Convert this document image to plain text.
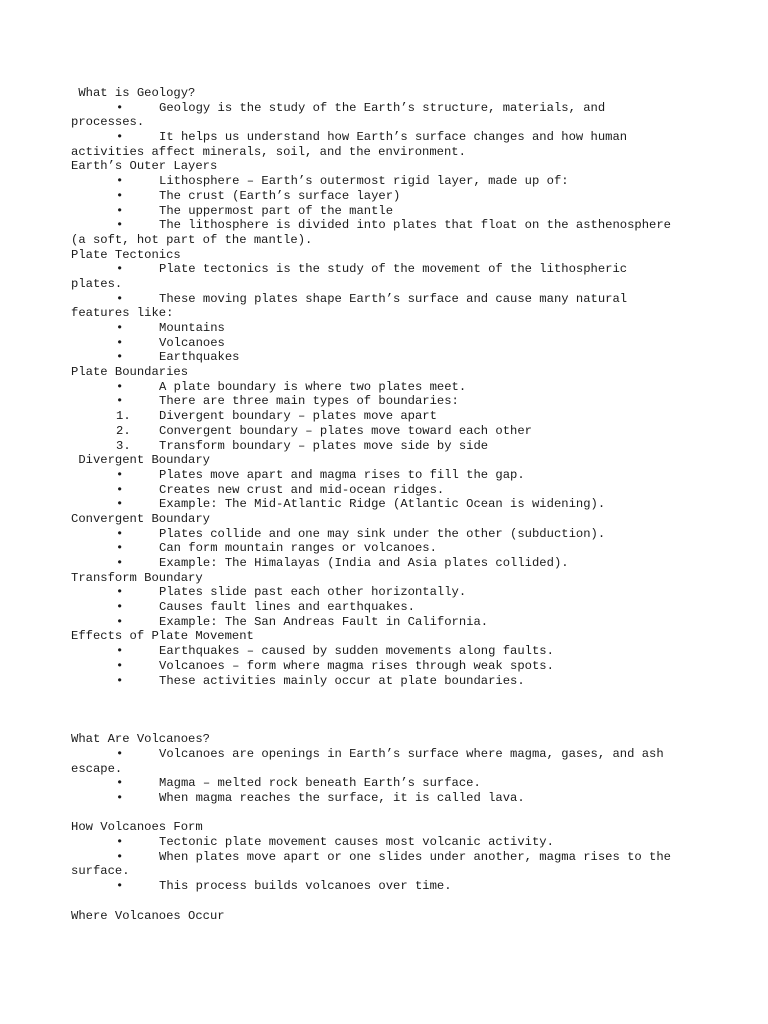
What is Geology?
•	Geology is the study of the Earth’s structure, materials, and
processes.
•	It helps us understand how Earth’s surface changes and how human
activities affect minerals, soil, and the environment.
Earth’s Outer Layers
•	Lithosphere – Earth’s outermost rigid layer, made up of:
•	The crust (Earth’s surface layer)
•	The uppermost part of the mantle
•	The lithosphere is divided into plates that float on the asthenosphere
(a soft, hot part of the mantle).
Plate Tectonics
•	Plate tectonics is the study of the movement of the lithospheric
plates.
•	These moving plates shape Earth’s surface and cause many natural
features like:
•	Mountains
•	Volcanoes
•	Earthquakes
Plate Boundaries
•	A plate boundary is where two plates meet.
•	There are three main types of boundaries:
1. Divergent boundary – plates move apart
2. Convergent boundary – plates move toward each other
3. Transform boundary – plates move side by side
Divergent Boundary
•	Plates move apart and magma rises to fill the gap.
•	Creates new crust and mid-ocean ridges.
•	Example: The Mid-Atlantic Ridge (Atlantic Ocean is widening).
Convergent Boundary
•	Plates collide and one may sink under the other (subduction).
•	Can form mountain ranges or volcanoes.
•	Example: The Himalayas (India and Asia plates collided).
Transform Boundary
•	Plates slide past each other horizontally.
•	Causes fault lines and earthquakes.
•	Example: The San Andreas Fault in California.
Effects of Plate Movement
•	Earthquakes – caused by sudden movements along faults.
•	Volcanoes – form where magma rises through weak spots.
•	These activities mainly occur at plate boundaries.
What Are Volcanoes?
•	Volcanoes are openings in Earth’s surface where magma, gases, and ash
escape.
•	Magma – melted rock beneath Earth’s surface.
•	When magma reaches the surface, it is called lava.
How Volcanoes Form
•	Tectonic plate movement causes most volcanic activity.
•	When plates move apart or one slides under another, magma rises to the
surface.
•	This process builds volcanoes over time.
Where Volcanoes Occur
